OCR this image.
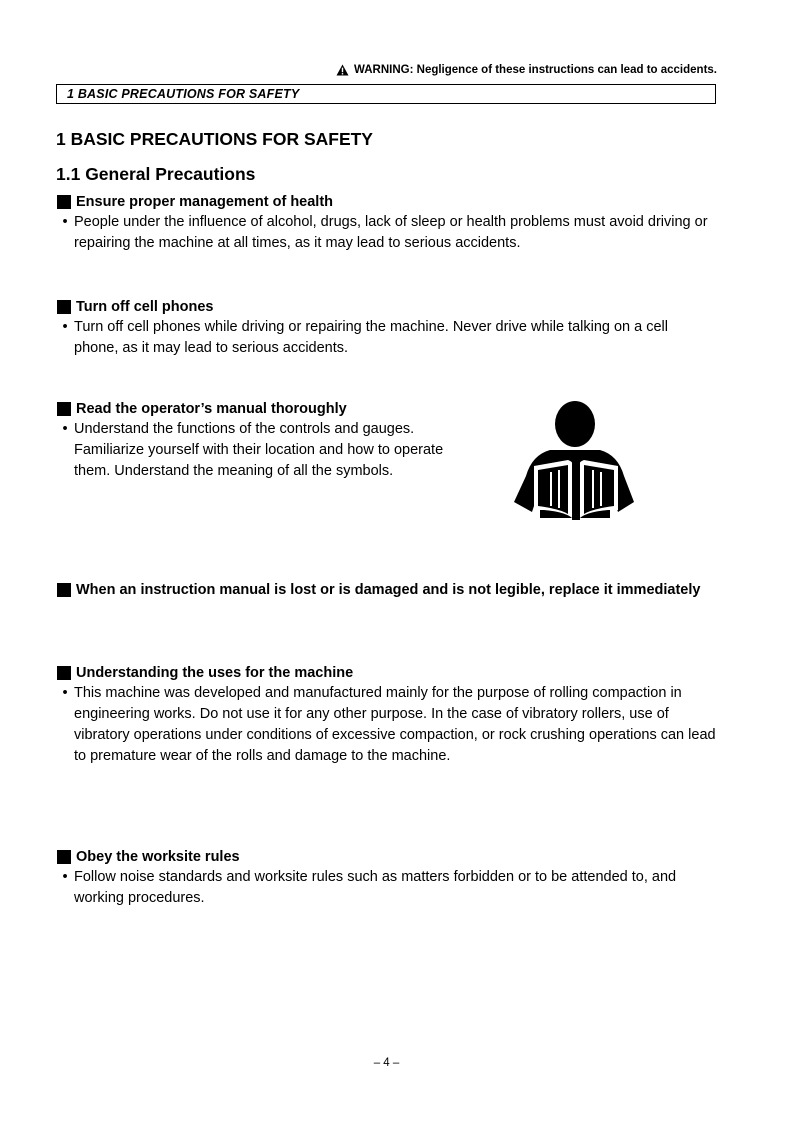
WARNING: Negligence of these instructions can lead to accidents.
1 BASIC PRECAUTIONS FOR SAFETY
1 BASIC PRECAUTIONS FOR SAFETY
1.1 General Precautions
Ensure proper management of health
• People under the influence of alcohol, drugs, lack of sleep or health problems must avoid driving or repairing the machine at all times, as it may lead to serious accidents.
Turn off cell phones
• Turn off cell phones while driving or repairing the machine. Never drive while talking on a cell phone, as it may lead to serious accidents.
Read the operator’s manual thoroughly
• Understand the functions of the controls and gauges. Familiarize yourself with their location and how to operate them. Understand the meaning of all the symbols.
When an instruction manual is lost or is damaged and is not legible, replace it immediately
Understanding the uses for the machine
• This machine was developed and manufactured mainly for the purpose of rolling compaction in engineering works. Do not use it for any other purpose. In the case of vibratory rollers, use of vibratory operations under conditions of excessive compaction, or rock crushing operations can lead to premature wear of the rolls and damage to the machine.
Obey the worksite rules
• Follow noise standards and worksite rules such as matters forbidden or to be attended to, and working procedures.
– 4 –
